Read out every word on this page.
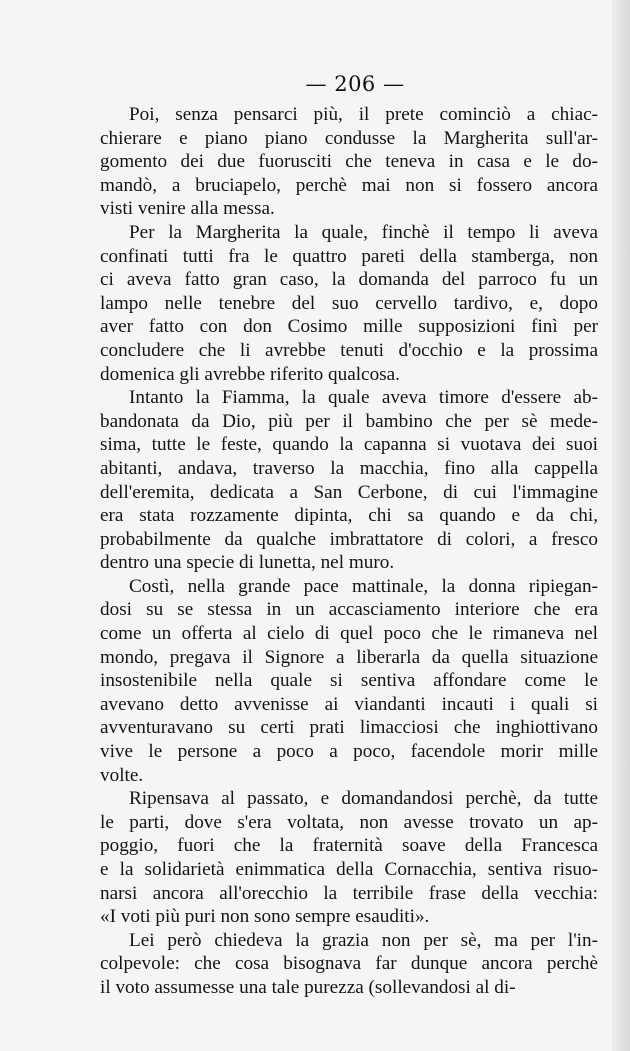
— 206 —
Poi, senza pensarci più, il prete cominciò a chiac-
chierare e piano piano condusse la Margherita sull'ar-
gomento dei due fuorusciti che teneva in casa e le do-
mandò, a bruciapelo, perchè mai non si fossero ancora
visti venire alla messa.
Per la Margherita la quale, finchè il tempo li aveva
confinati tutti fra le quattro pareti della stamberga, non
ci aveva fatto gran caso, la domanda del parroco fu un
lampo nelle tenebre del suo cervello tardivo, e, dopo
aver fatto con don Cosimo mille supposizioni finì per
concludere che li avrebbe tenuti d'occhio e la prossima
domenica gli avrebbe riferito qualcosa.
Intanto la Fiamma, la quale aveva timore d'essere ab-
bandonata da Dio, più per il bambino che per sè mede-
sima, tutte le feste, quando la capanna si vuotava dei suoi
abitanti, andava, traverso la macchia, fino alla cappella
dell'eremita, dedicata a San Cerbone, di cui l'immagine
era stata rozzamente dipinta, chi sa quando e da chi,
probabilmente da qualche imbrattatore di colori, a fresco
dentro una specie di lunetta, nel muro.
Costì, nella grande pace mattinale, la donna ripiegan-
dosi su se stessa in un accasciamento interiore che era
come un offerta al cielo di quel poco che le rimaneva nel
mondo, pregava il Signore a liberarla da quella situazione
insostenibile nella quale si sentiva affondare come le
avevano detto avvenisse ai viandanti incauti i quali si
avventuravano su certi prati limacciosi che inghiottivano
vive le persone a poco a poco, facendole morir mille
volte.
Ripensava al passato, e domandandosi perchè, da tutte
le parti, dove s'era voltata, non avesse trovato un ap-
poggio, fuori che la fraternità soave della Francesca
e la solidarietà enimmatica della Cornacchia, sentiva risuo-
narsi ancora all'orecchio la terribile frase della vecchia:
«I voti più puri non sono sempre esauditi».
Lei però chiedeva la grazia non per sè, ma per l'in-
colpevole: che cosa bisognava far dunque ancora perchè
il voto assumesse una tale purezza (sollevandosi al di-
